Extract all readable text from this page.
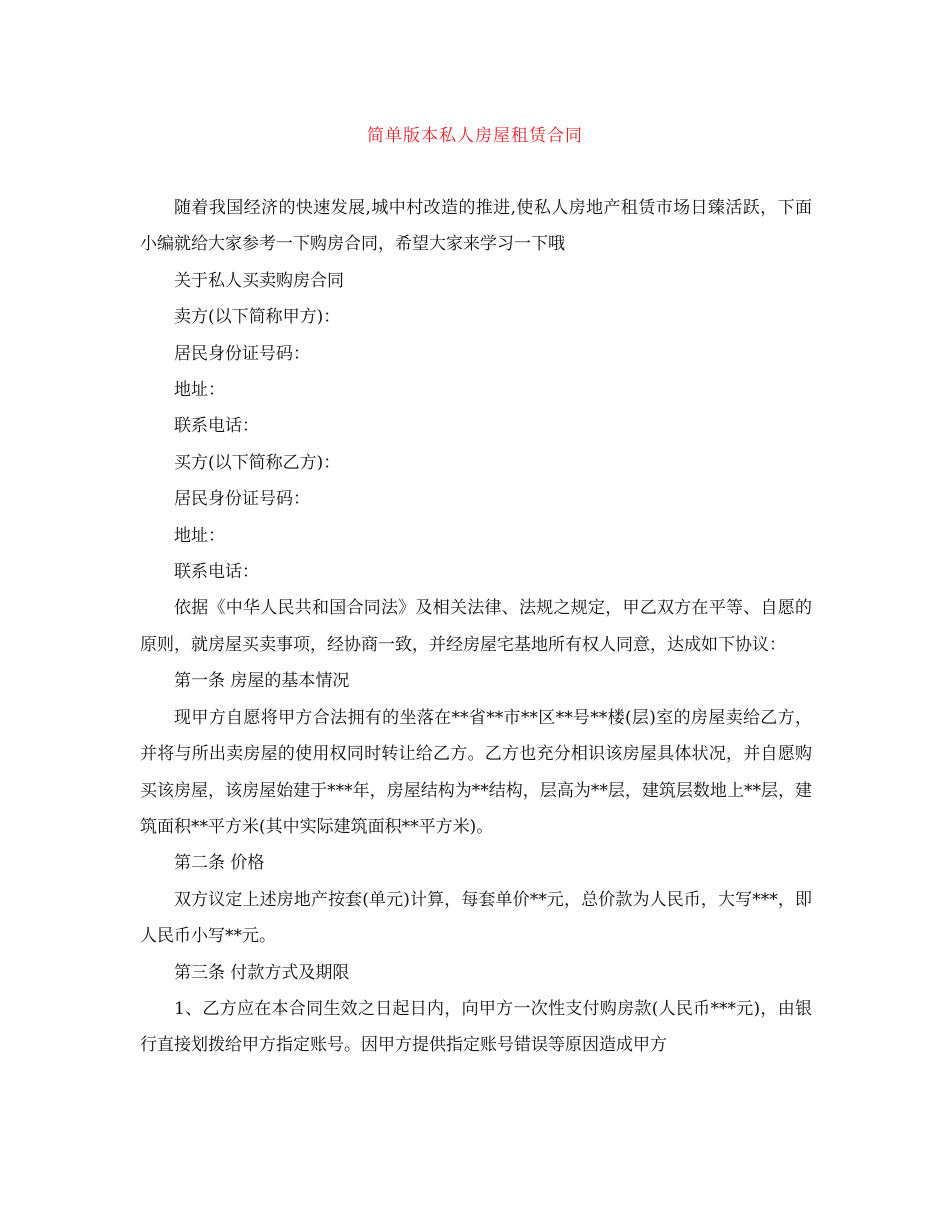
简单版本私人房屋租赁合同

随着我国经济的快速发展,城中村改造的推进,使私人房地产租赁市场日臻活跃，下面小编就给大家参考一下购房合同，希望大家来学习一下哦

关于私人买卖购房合同

卖方(以下简称甲方)：

居民身份证号码：

地址：

联系电话：

买方(以下简称乙方)：

居民身份证号码：

地址：

联系电话：

依据《中华人民共和国合同法》及相关法律、法规之规定，甲乙双方在平等、自愿的原则，就房屋买卖事项，经协商一致，并经房屋宅基地所有权人同意，达成如下协议：

第一条 房屋的基本情况

现甲方自愿将甲方合法拥有的坐落在**省**市**区**号**楼(层)室的房屋卖给乙方，并将与所出卖房屋的使用权同时转让给乙方。乙方也充分相识该房屋具体状况，并自愿购买该房屋，该房屋始建于***年，房屋结构为**结构，层高为**层，建筑层数地上**层，建筑面积**平方米(其中实际建筑面积**平方米)。

第二条 价格

双方议定上述房地产按套(单元)计算，每套单价**元，总价款为人民币，大写***，即人民币小写**元。

第三条 付款方式及期限

1、乙方应在本合同生效之日起日内，向甲方一次性支付购房款(人民币***元)，由银行直接划拨给甲方指定账号。因甲方提供指定账号错误等原因造成甲方
